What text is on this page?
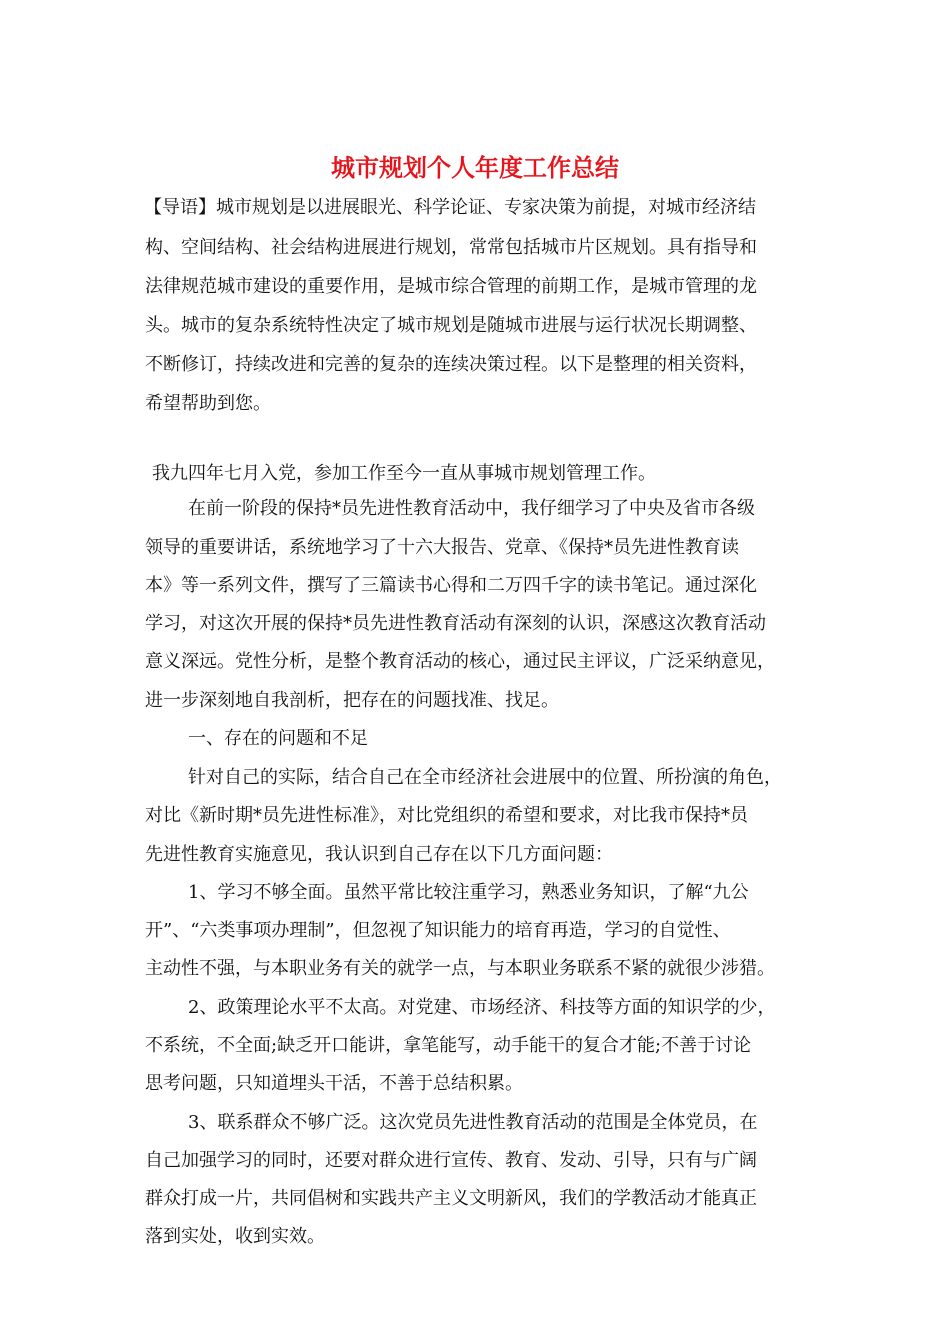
城市规划个人年度工作总结

【导语】城市规划是以进展眼光、科学论证、专家决策为前提，对城市经济结

构、空间结构、社会结构进展进行规划，常常包括城市片区规划。具有指导和

法律规范城市建设的重要作用，是城市综合管理的前期工作，是城市管理的龙

头。城市的复杂系统特性决定了城市规划是随城市进展与运行状况长期调整、

不断修订，持续改进和完善的复杂的连续决策过程。以下是整理的相关资料，

希望帮助到您。

我九四年七月入党，参加工作至今一直从事城市规划管理工作。

在前一阶段的保持*员先进性教育活动中，我仔细学习了中央及省市各级

领导的重要讲话，系统地学习了十六大报告、党章、《保持*员先进性教育读

本》等一系列文件，撰写了三篇读书心得和二万四千字的读书笔记。通过深化

学习，对这次开展的保持*员先进性教育活动有深刻的认识，深感这次教育活动

意义深远。党性分析，是整个教育活动的核心，通过民主评议，广泛采纳意见，

进一步深刻地自我剖析，把存在的问题找准、找足。

一、存在的问题和不足

针对自己的实际，结合自己在全市经济社会进展中的位置、所扮演的角色，

对比《新时期*员先进性标准》，对比党组织的希望和要求，对比我市保持*员

先进性教育实施意见，我认识到自己存在以下几方面问题：

1、学习不够全面。虽然平常比较注重学习，熟悉业务知识，了解“九公

开”、“六类事项办理制”，但忽视了知识能力的培育再造，学习的自觉性、

主动性不强，与本职业务有关的就学一点，与本职业务联系不紧的就很少涉猎。

2、政策理论水平不太高。对党建、市场经济、科技等方面的知识学的少，

不系统，不全面;缺乏开口能讲，拿笔能写，动手能干的复合才能;不善于讨论

思考问题，只知道埋头干活，不善于总结积累。

3、联系群众不够广泛。这次党员先进性教育活动的范围是全体党员，在

自己加强学习的同时，还要对群众进行宣传、教育、发动、引导，只有与广阔

群众打成一片，共同倡树和实践共产主义文明新风，我们的学教活动才能真正

落到实处，收到实效。
